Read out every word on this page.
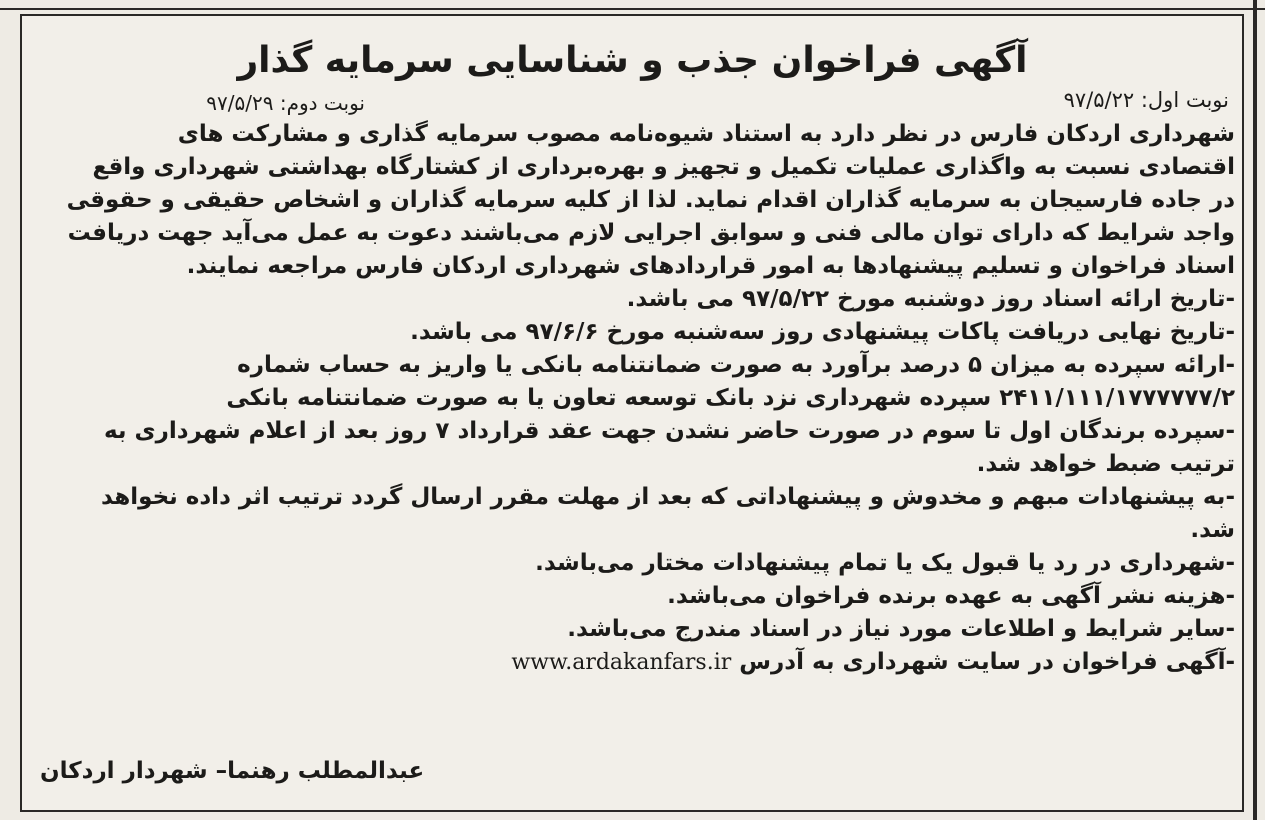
آگهی فراخوان جذب و شناسایی سرمایه گذار
نوبت اول: ۹۷/۵/۲۲
نوبت دوم: ۹۷/۵/۲۹
شهرداری اردکان فارس در نظر دارد به استناد شیوه‌نامه مصوب سرمایه گذاری و مشارکت های
اقتصادی نسبت به واگذاری عملیات تکمیل و تجهیز و بهره‌برداری از کشتارگاه بهداشتی شهرداری واقع
در جاده فارسیجان به سرمایه گذاران اقدام نماید. لذا از کلیه سرمایه گذاران و اشخاص حقیقی و حقوقی
واجد شرایط که دارای توان مالی فنی و سوابق اجرایی لازم می‌باشند دعوت به عمل می‌آید جهت دریافت
اسناد فراخوان و تسلیم پیشنهادها به امور قراردادهای شهرداری اردکان فارس مراجعه نمایند.
-تاریخ ارائه اسناد روز دوشنبه مورخ ۹۷/۵/۲۲ می باشد.
-تاریخ نهایی دریافت پاکات پیشنهادی روز سه‌شنبه مورخ ۹۷/۶/۶ می باشد.
-ارائه سپرده به میزان ۵ درصد برآورد به صورت ضمانتنامه بانکی یا واریز به حساب شماره
۲۴۱۱/۱۱۱/۱۷۷۷۷۷۷/۲ سپرده شهرداری نزد بانک توسعه تعاون یا به صورت ضمانتنامه بانکی
-سپرده برندگان اول تا سوم در صورت حاضر نشدن جهت عقد قرارداد ۷ روز بعد از اعلام شهرداری به
ترتیب ضبط خواهد شد.
-به پیشنهادات مبهم و مخدوش و پیشنهاداتی که بعد از مهلت مقرر ارسال گردد ترتیب اثر داده نخواهد
شد.
-شهرداری در رد یا قبول یک یا تمام پیشنهادات مختار می‌باشد.
-هزینه نشر آگهی به عهده برنده فراخوان می‌باشد.
-سایر شرایط و اطلاعات مورد نیاز در اسناد مندرج می‌باشد.
-آگهی فراخوان در سایت شهرداری به آدرس www.ardakanfars.ir
عبدالمطلب رهنما– شهردار اردکان
